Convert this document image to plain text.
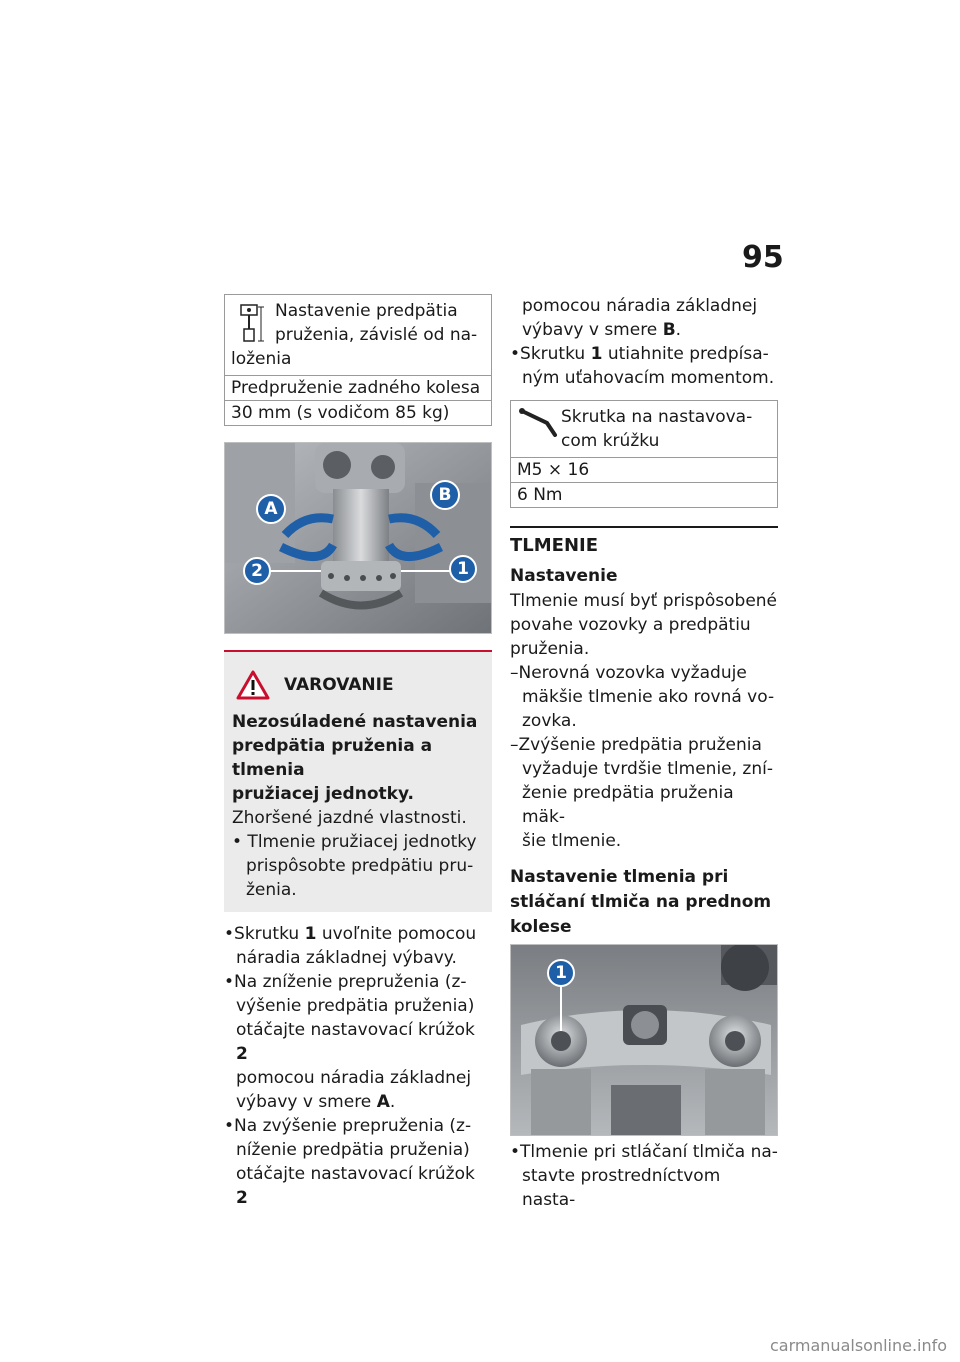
95
Nastavenie predpätia
pruženia, závislé od na-
loženia
Predpruženie zadného kolesa
30 mm (s vodičom 85 kg)
A
B
2	1
VAROVANIE
Nezosúladené nastavenia
predpätia pruženia a tlmenia
pružiacej jednotky.
Zhoršené jazdné vlastnosti.
• Tlmenie pružiacej jednotky
prispôsobte predpätiu pru-
ženia.
•Skrutku 1 uvoľnite pomocou
náradia základnej výbavy.
•Na zníženie prepruženia (z-
výšenie predpätia pruženia)
otáčajte nastavovací krúžok 2
pomocou náradia základnej
výbavy v smere A.
•Na zvýšenie prepruženia (z-
níženie predpätia pruženia)
otáčajte nastavovací krúžok 2
pomocou náradia základnej
výbavy v smere B.
•Skrutku 1 utiahnite predpísa-
ným uťahovacím momentom.
Skrutka na nastavova-
com krúžku
M5 × 16
6 Nm
TLMENIE
Nastavenie
Tlmenie musí byť prispôsobené
povahe vozovky a predpätiu
pruženia.
–Nerovná vozovka vyžaduje
mäkšie tlmenie ako rovná vo-
zovka.
–Zvýšenie predpätia pruženia
vyžaduje tvrdšie tlmenie, zní-
ženie predpätia pruženia mäk-
šie tlmenie.
Nastavenie tlmenia pri
stláčaní tlmiča na prednom
kolese
1
•Tlmenie pri stláčaní tlmiča na-
stavte prostredníctvom nasta-
carmanualsonline.info
